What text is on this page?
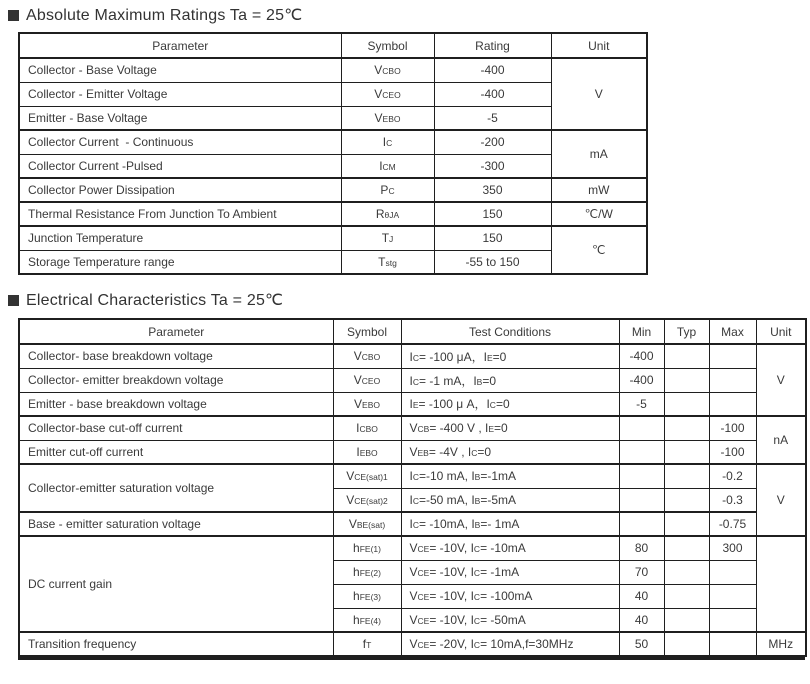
Absolute Maximum Ratings Ta = 25℃
Parameter	Symbol	Rating	Unit
Collector - Base Voltage	VCBO	-400	V
Collector - Emitter Voltage	VCEO	-400	
Emitter - Base Voltage	VEBO	-5	
Collector Current  - Continuous	IC	-200	mA
Collector Current -Pulsed	ICM	-300	
Collector Power Dissipation	PC	350	mW
Thermal Resistance From Junction To Ambient	RθJA	150	℃/W
Junction Temperature	TJ	150	℃
Storage Temperature range	Tstg	-55 to 150	
Electrical Characteristics Ta = 25℃
Parameter	Symbol	Test Conditions	Min	Typ	Max	Unit
Collector- base breakdown voltage	VCBO	IC= -100 μA，IE=0	-400			V
Collector- emitter breakdown voltage	VCEO	IC= -1 mA，IB=0	-400			
Emitter - base breakdown voltage	VEBO	IE= -100 μ A，IC=0	-5			
Collector-base cut-off current	ICBO	VCB= -400 V , IE=0			-100	nA
Emitter cut-off current	IEBO	VEB= -4V , IC=0			-100	
Collector-emitter saturation voltage	VCE(sat)1	IC=-10 mA, IB=-1mA			-0.2	V
	VCE(sat)2	IC=-50 mA, IB=-5mA			-0.3	
Base - emitter saturation voltage	VBE(sat)	IC= -10mA, IB=- 1mA			-0.75	
DC current gain	hFE(1)	VCE= -10V, IC= -10mA	80		300	
	hFE(2)	VCE= -10V, IC= -1mA	70			
	hFE(3)	VCE= -10V, IC= -100mA	40			
	hFE(4)	VCE= -10V, IC= -50mA	40			
Transition frequency	fT	VCE= -20V, IC= 10mA,f=30MHz	50			MHz
